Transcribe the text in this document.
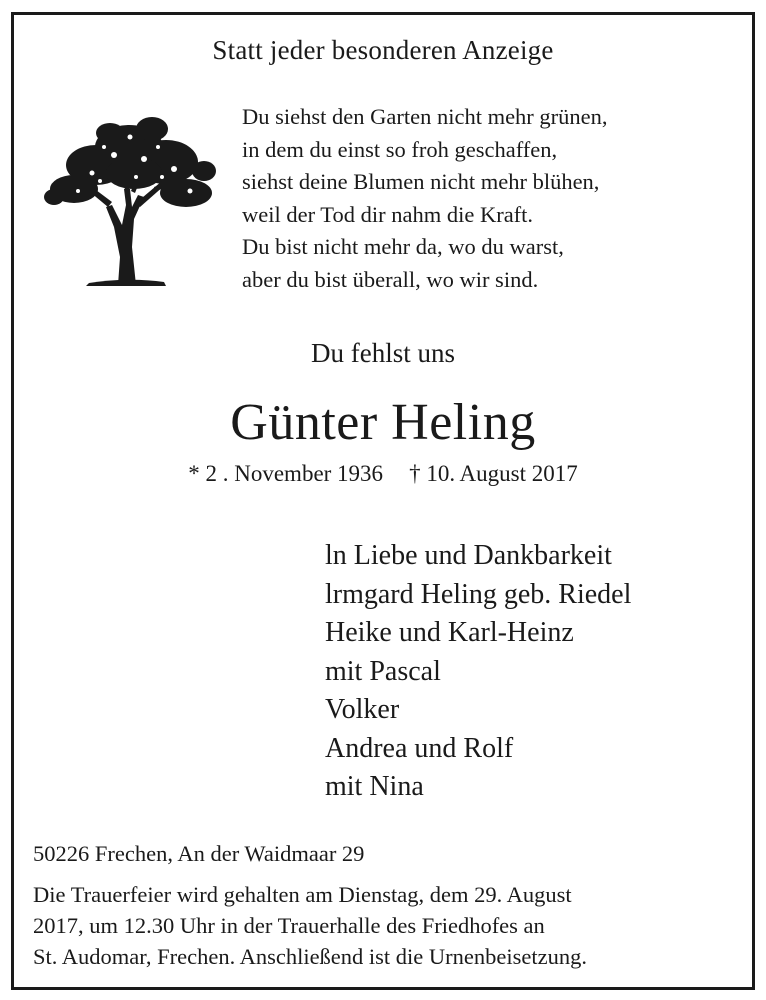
Statt jeder besonderen Anzeige
Du siehst den Garten nicht mehr grünen,
in dem du einst so froh geschaffen,
siehst deine Blumen nicht mehr blühen,
weil der Tod dir nahm die Kraft.
Du bist nicht mehr da, wo du warst,
aber du bist überall, wo wir sind.
Du fehlst uns
Günter Heling
* 2 . November 1936 † 10. August 2017
ln Liebe und Dankbarkeit
lrmgard Heling geb. Riedel
Heike und Karl-Heinz
mit Pascal
Volker
Andrea und Rolf
mit Nina
50226 Frechen, An der Waidmaar 29
Die Trauerfeier wird gehalten am Dienstag, dem 29. August
2017, um 12.30 Uhr in der Trauerhalle des Friedhofes an
St. Audomar, Frechen. Anschließend ist die Urnenbeisetzung.
